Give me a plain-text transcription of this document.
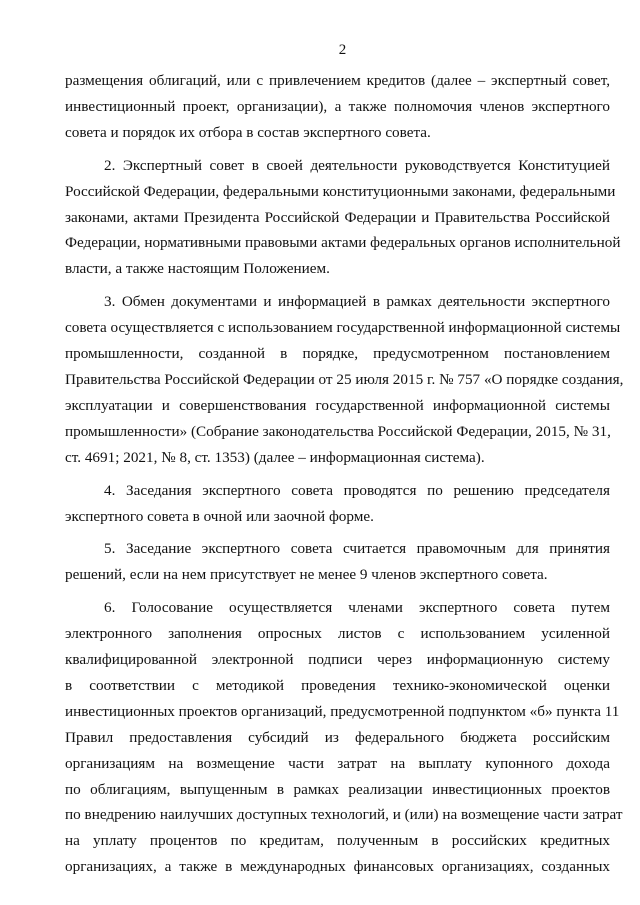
2

размещения облигаций, или с привлечением кредитов (далее – экспертный совет,
инвестиционный проект, организации), а также полномочия членов экспертного
совета и порядок их отбора в состав экспертного совета.

2. Экспертный совет в своей деятельности руководствуется Конституцией
Российской Федерации, федеральными конституционными законами, федеральными
законами, актами Президента Российской Федерации и Правительства Российской
Федерации, нормативными правовыми актами федеральных органов исполнительной
власти, а также настоящим Положением.

3. Обмен документами и информацией в рамках деятельности экспертного
совета осуществляется с использованием государственной информационной системы
промышленности, созданной в порядке, предусмотренном постановлением
Правительства Российской Федерации от 25 июля 2015 г. № 757 «О порядке создания,
эксплуатации и совершенствования государственной информационной системы
промышленности» (Собрание законодательства Российской Федерации, 2015, № 31,
ст. 4691; 2021, № 8, ст. 1353) (далее – информационная система).

4. Заседания экспертного совета проводятся по решению председателя
экспертного совета в очной или заочной форме.

5. Заседание экспертного совета считается правомочным для принятия
решений, если на нем присутствует не менее 9 членов экспертного совета.

6. Голосование осуществляется членами экспертного совета путем
электронного заполнения опросных листов с использованием усиленной
квалифицированной электронной подписи через информационную систему
в соответствии с методикой проведения технико-экономической оценки
инвестиционных проектов организаций, предусмотренной подпунктом «б» пункта 11
Правил предоставления субсидий из федерального бюджета российским
организациям на возмещение части затрат на выплату купонного дохода
по облигациям, выпущенным в рамках реализации инвестиционных проектов
по внедрению наилучших доступных технологий, и (или) на возмещение части затрат
на уплату процентов по кредитам, полученным в российских кредитных
организациях, а также в международных финансовых организациях, созданных
